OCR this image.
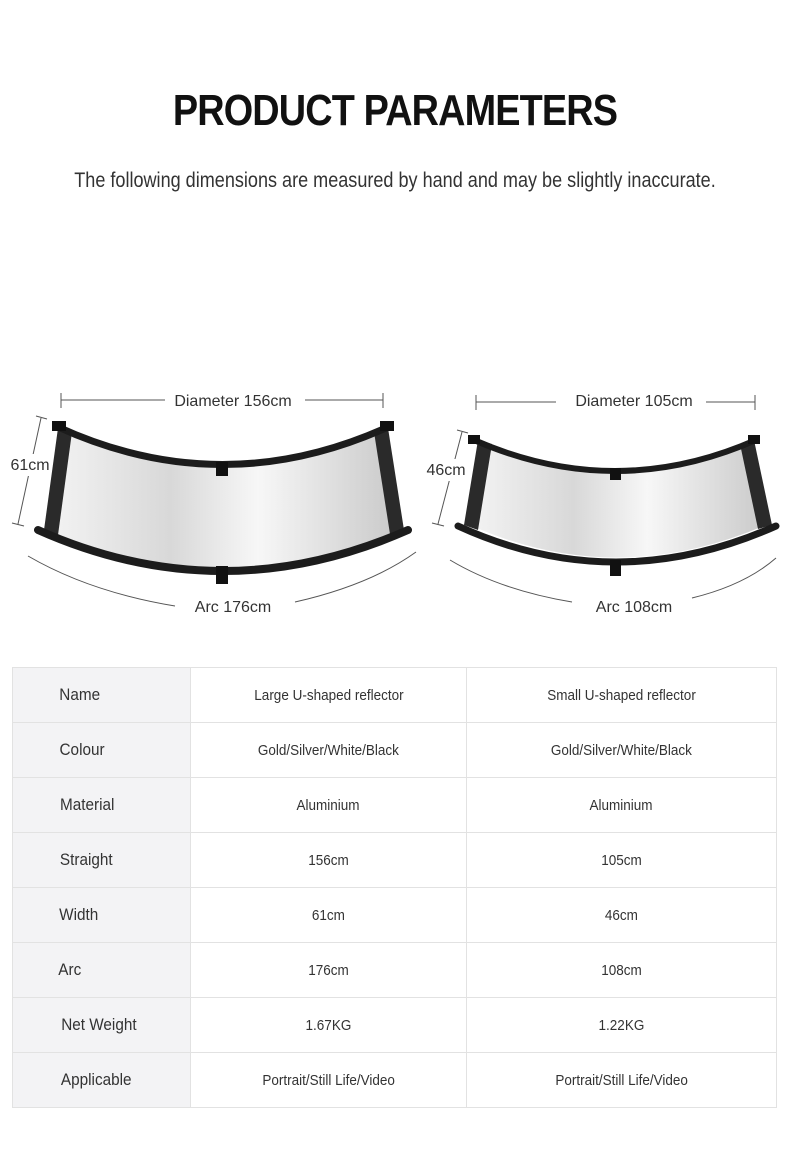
PRODUCT PARAMETERS
The following dimensions are measured by hand and may be slightly inaccurate.
Diameter 156cm
61cm
Arc 176cm
Diameter 105cm
46cm
Arc 108cm
Name	Large U-shaped reflector	Small U-shaped reflector
Colour	Gold/Silver/White/Black	Gold/Silver/White/Black
Material	Aluminium	Aluminium
Straight	156cm	105cm
Width	61cm	46cm
Arc	176cm	108cm
Net Weight	1.67KG	1.22KG
Applicable	Portrait/Still Life/Video	Portrait/Still Life/Video
